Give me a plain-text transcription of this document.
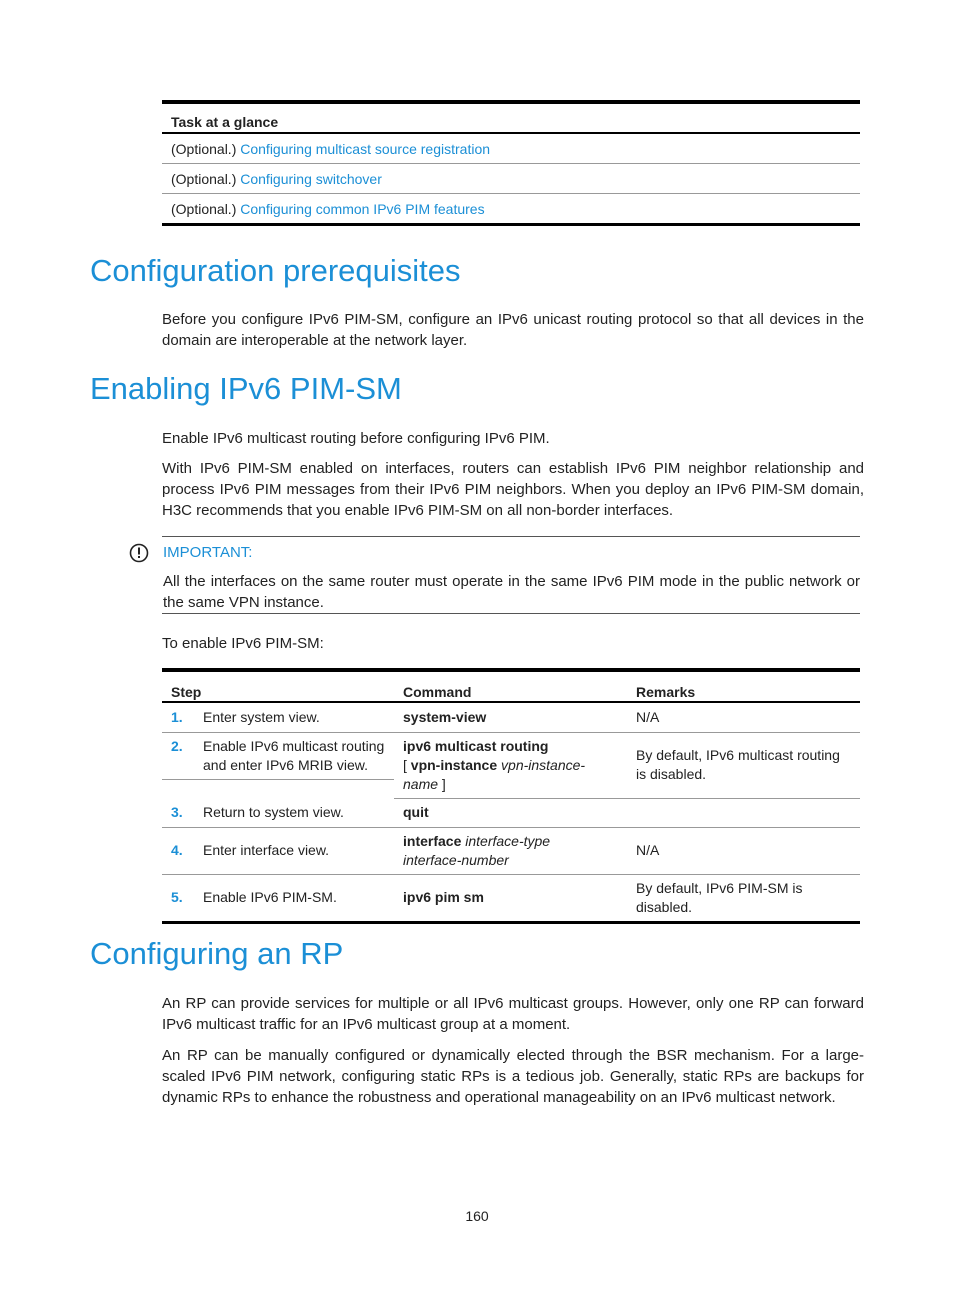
Task at a glance
(Optional.) Configuring multicast source registration
(Optional.) Configuring switchover
(Optional.) Configuring common IPv6 PIM features
Configuration prerequisites

Before you configure IPv6 PIM-SM, configure an IPv6 unicast routing protocol so that all devices in the domain are interoperable at the network layer.

Enabling IPv6 PIM-SM

Enable IPv6 multicast routing before configuring IPv6 PIM.

With IPv6 PIM-SM enabled on interfaces, routers can establish IPv6 PIM neighbor relationship and process IPv6 PIM messages from their IPv6 PIM neighbors. When you deploy an IPv6 PIM-SM domain, H3C recommends that you enable IPv6 PIM-SM on all non-border interfaces.

IMPORTANT:

All the interfaces on the same router must operate in the same IPv6 PIM mode in the public network or the same VPN instance.

To enable IPv6 PIM-SM:

Step	Command	Remarks
1. Enter system view.	system-view	N/A

2.	Enable IPv6 multicast routing and enter IPv6 MRIB view.
ipv6 multicast routing
[ vpn-instance vpn-instance-name ]	By default, IPv6 multicast routing is disabled.
3. Return to system view.	quit	
4. Enter interface view.	interface interface-type
interface-number	N/A
5. Enable IPv6 PIM-SM.	ipv6 pim sm	By default, IPv6 PIM-SM is disabled.
Configuring an RP

An RP can provide services for multiple or all IPv6 multicast groups. However, only one RP can forward IPv6 multicast traffic for an IPv6 multicast group at a moment.

An RP can be manually configured or dynamically elected through the BSR mechanism. For a large-scaled IPv6 PIM network, configuring static RPs is a tedious job. Generally, static RPs are backups for dynamic RPs to enhance the robustness and operational manageability on an IPv6 multicast network.

160
